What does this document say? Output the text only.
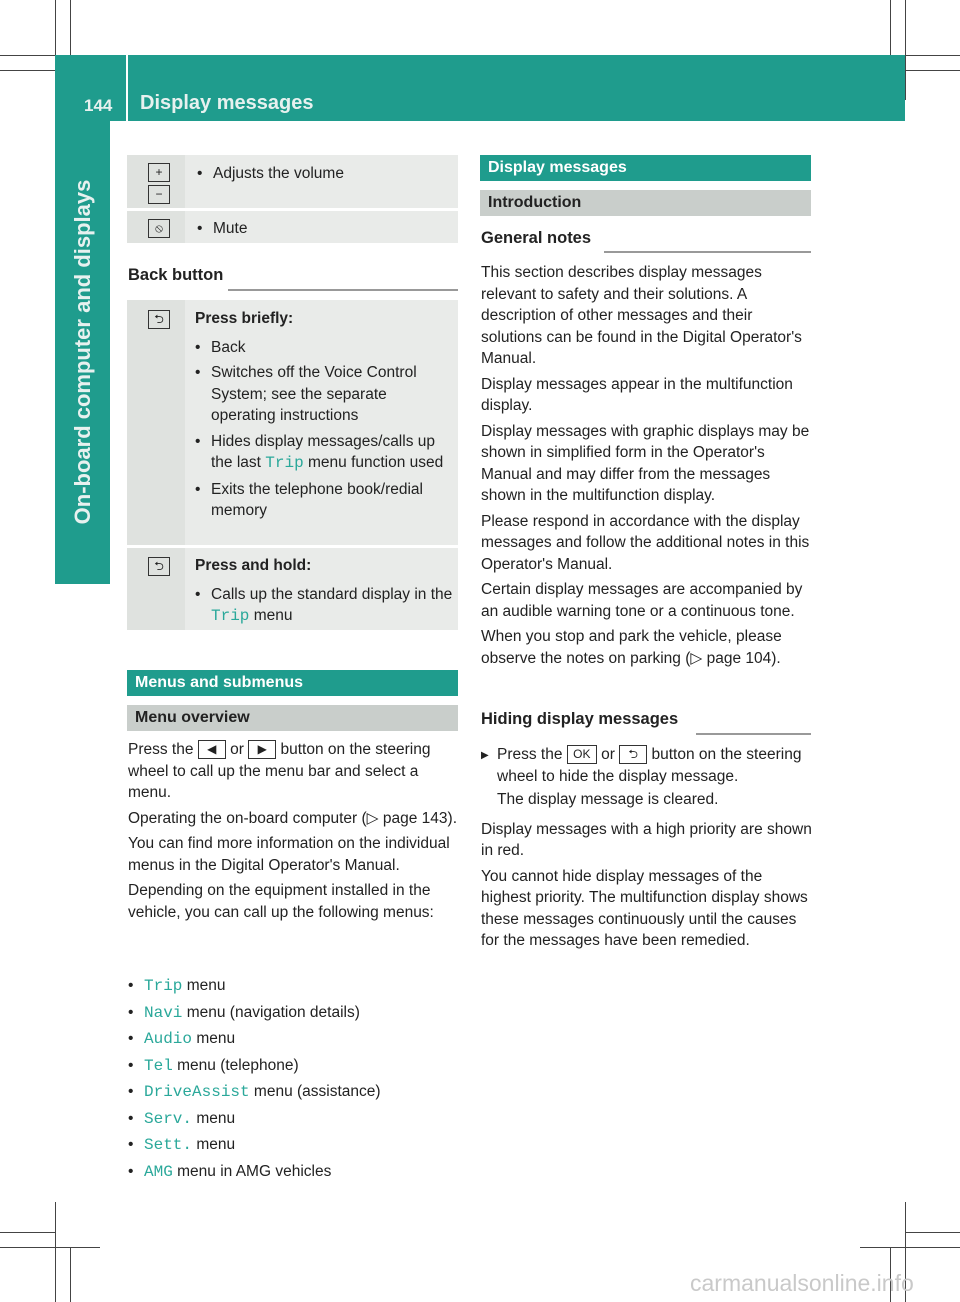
144 Display messages
On-board computer and displays
+
−
• Adjusts the volume
⦸
•	Mute
Back button
⮌	Press briefly:
• Back
• Switches off the Voice Control System; see the separate operating instructions
• Hides display messages/calls up the last Trip menu function used
• Exits the telephone book/redial memory
⮌	Press and hold:
• Calls up the standard display in the Trip menu
Menus and submenus
Menu overview

Press the ◀ or ▶ button on the steering wheel to call up the menu bar and select a menu.

Operating the on-board computer (▷ page 143).

You can find more information on the individual menus in the Digital Operator's Manual.

Depending on the equipment installed in the vehicle, you can call up the following menus:

• Trip menu
• Navi menu (navigation details)
• Audio menu
• Tel menu (telephone)
• DriveAssist menu (assistance)
• Serv. menu
• Sett. menu
• AMG menu in AMG vehicles
Display messages
Introduction
General notes

This section describes display messages relevant to safety and their solutions. A description of other messages and their solutions can be found in the Digital Operator's Manual.

Display messages appear in the multifunction display.

Display messages with graphic displays may be shown in simplified form in the Operator's Manual and may differ from the messages shown in the multifunction display.

Please respond in accordance with the display messages and follow the additional notes in this Operator's Manual.

Certain display messages are accompanied by an audible warning tone or a continuous tone.

When you stop and park the vehicle, please observe the notes on parking (▷ page 104).

Hiding display messages

▶ Press the OK or ⮌ button on the steering wheel to hide the display message.

The display message is cleared.

Display messages with a high priority are shown in red.

You cannot hide display messages of the highest priority. The multifunction display shows these messages continuously until the causes for the messages have been remedied.

carmanualsonline.info
